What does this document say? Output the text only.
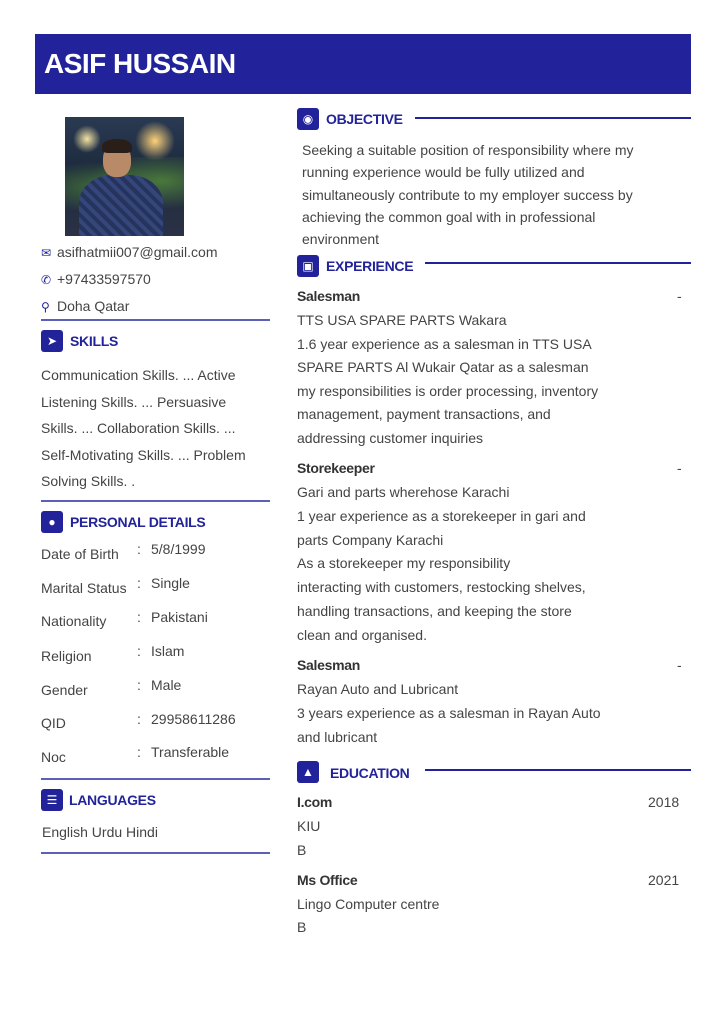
ASIF HUSSAIN
✉ asifhatmii007@gmail.com
✆ +97433597570
⚲ Doha Qatar
➤ SKILLS
Communication Skills. ... Active
Listening Skills. ... Persuasive
Skills. ... Collaboration Skills. ...
Self-Motivating Skills. ... Problem
Solving Skills. .
●	PERSONAL DETAILS
Date of Birth : 5/8/1999
Marital Status : Single
Nationality : Pakistani
Religion	: Islam
Gender	: Male
QID	: 29958611286
Noc	: Transferable
☰ LANGUAGES
English Urdu Hindi
◉ OBJECTIVE
Seeking a suitable position of responsibility where my
running experience would be fully utilized and
simultaneously contribute to my employer success by
achieving the common goal with in professional
environment
▣ EXPERIENCE
Salesman	-
TTS USA SPARE PARTS Wakara
1.6 year experience as a salesman in TTS USA
SPARE PARTS Al Wukair Qatar as a salesman
my responsibilities is order processing, inventory
management, payment transactions, and
addressing customer inquiries
Storekeeper	-
Gari and parts wherehose Karachi
1 year experience as a storekeeper in gari and
parts Company Karachi
As a storekeeper my responsibility
interacting with customers, restocking shelves,
handling transactions, and keeping the store
clean and organised.
Salesman	-
Rayan Auto and Lubricant
3 years experience as a salesman in Rayan Auto
and lubricant
▲	EDUCATION
I.com	2018
KIU
B
Ms Office	2021
Lingo Computer centre
B
